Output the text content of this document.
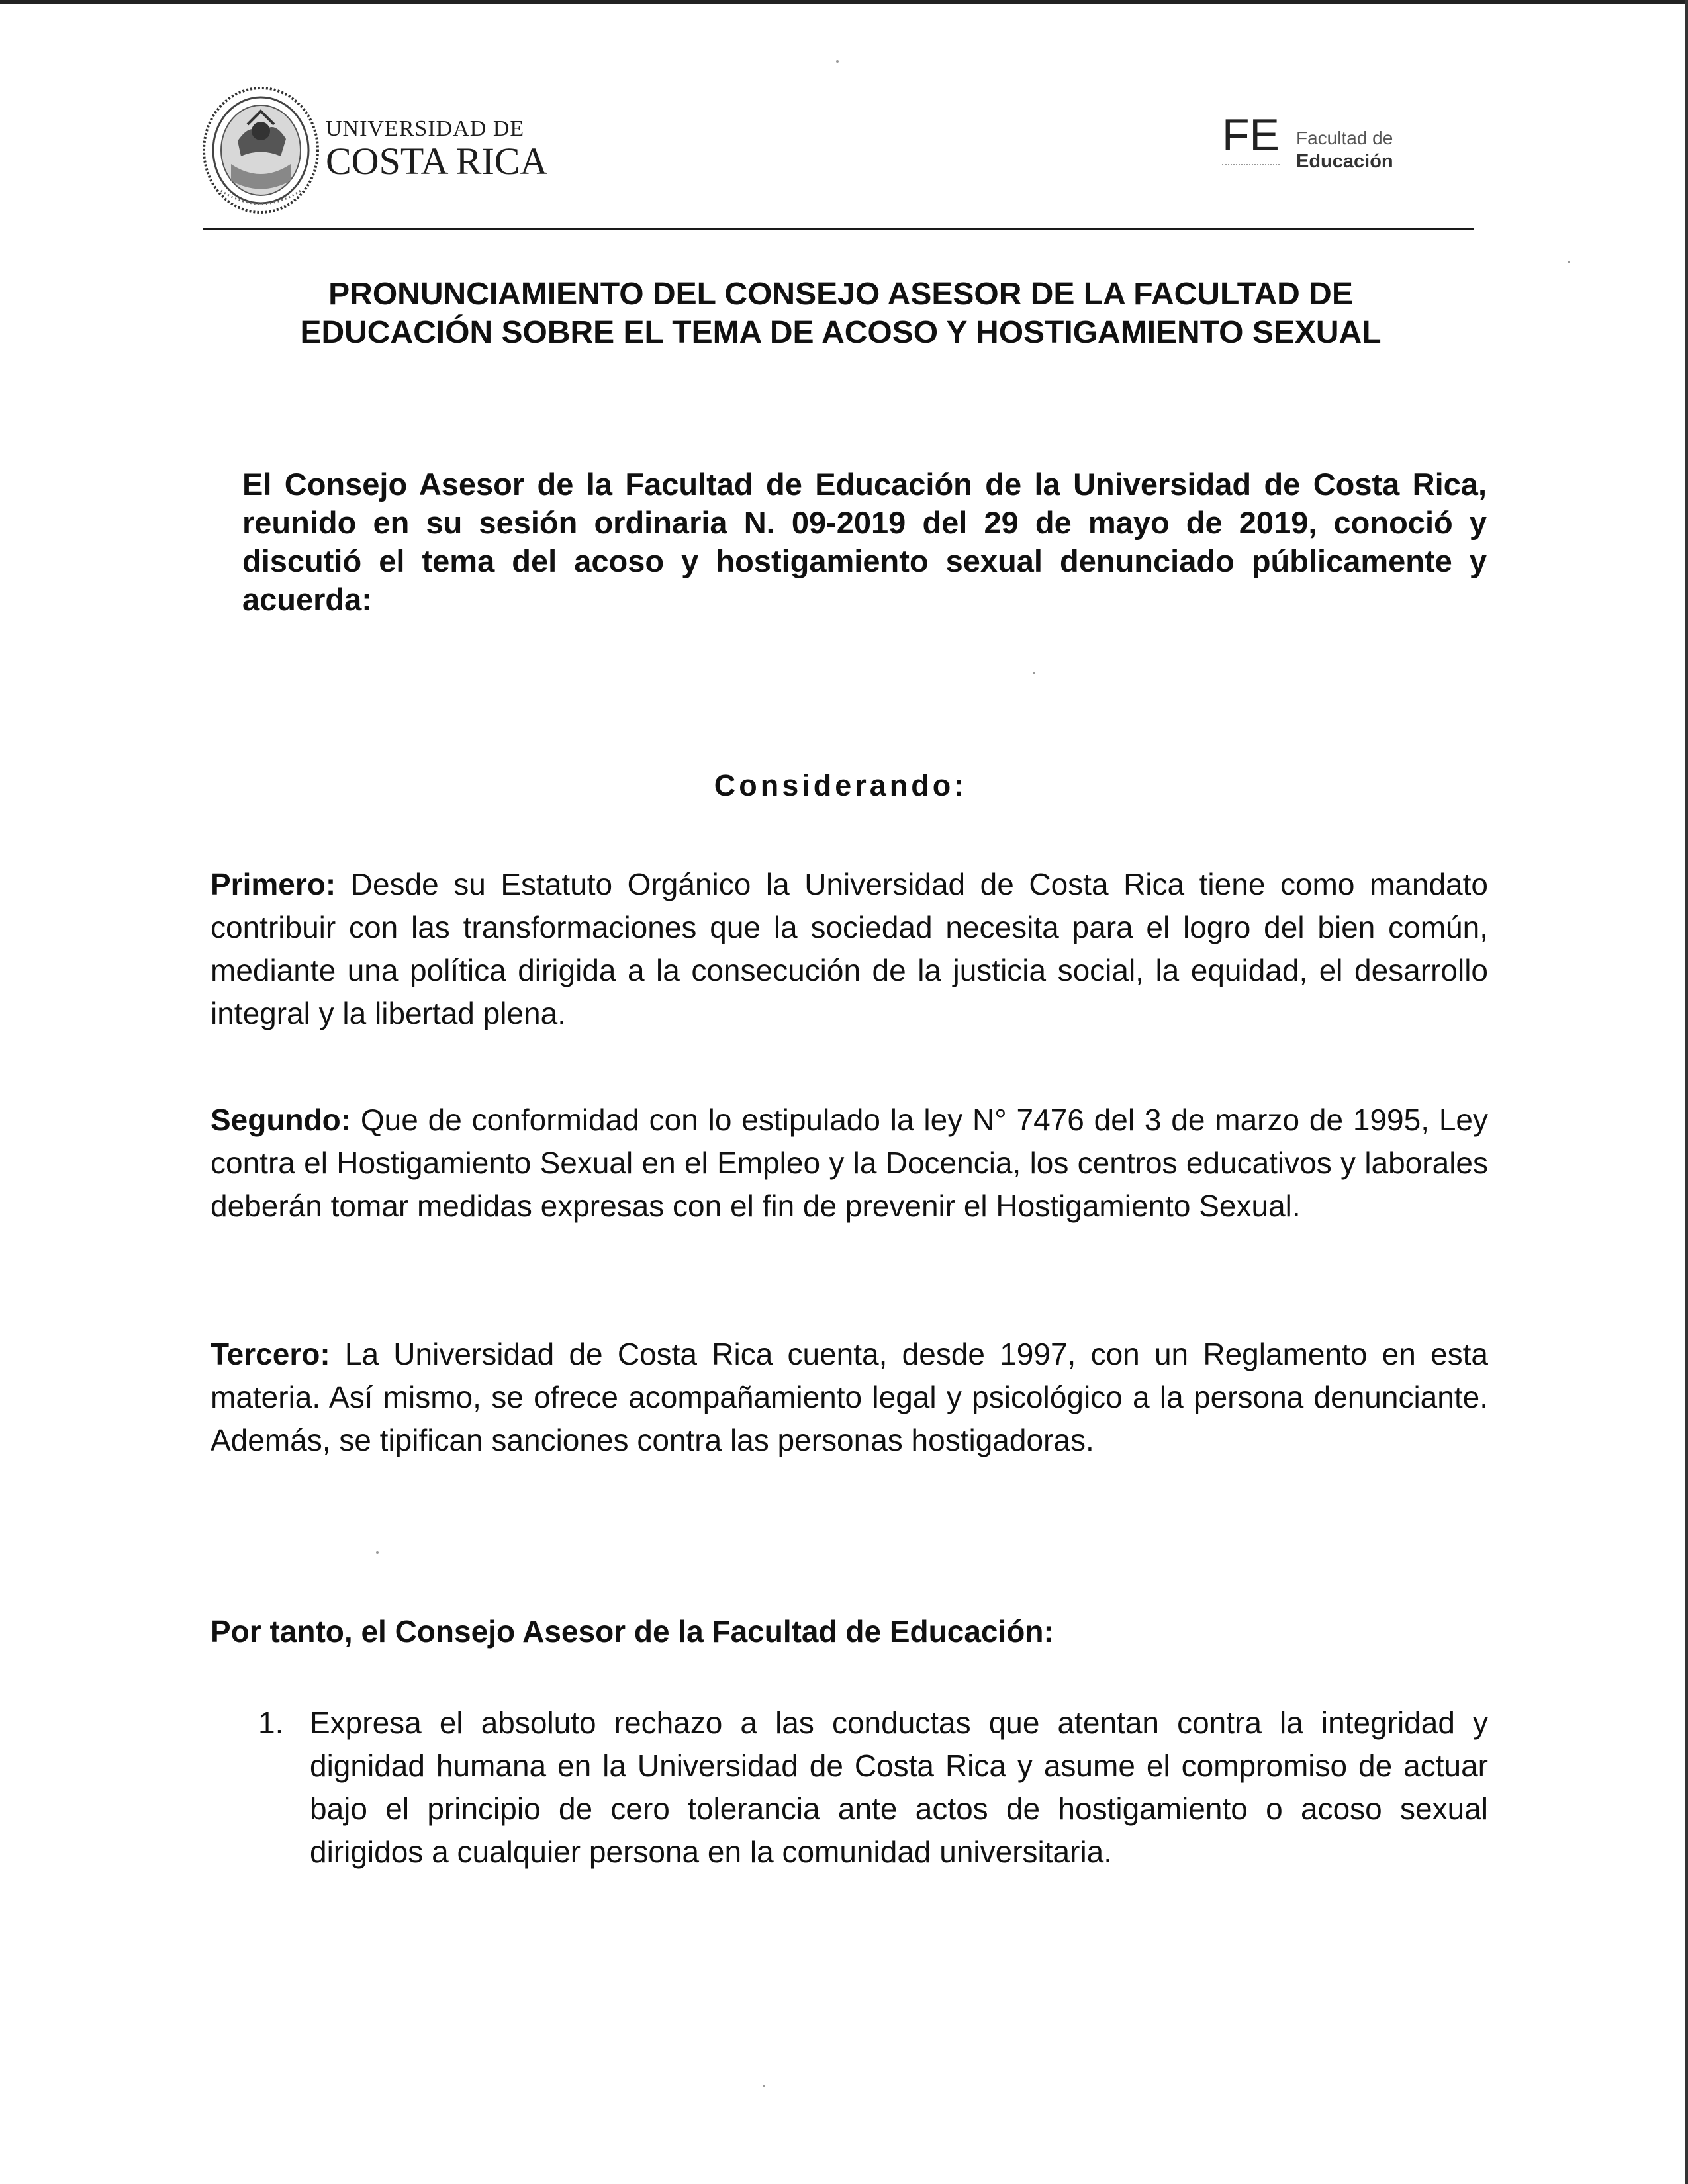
UNIVERSIDAD DE
COSTA RICA
FE Facultad de
Educación
PRONUNCIAMIENTO DEL CONSEJO ASESOR DE LA FACULTAD DE
EDUCACIÓN SOBRE EL TEMA DE ACOSO Y HOSTIGAMIENTO SEXUAL
El Consejo Asesor de la Facultad de Educación de la Universidad de Costa Rica, reunido en su sesión ordinaria N. 09-2019 del 29 de mayo de 2019, conoció y discutió el tema del acoso y hostigamiento sexual denunciado públicamente y acuerda:
Considerando:
Primero: Desde su Estatuto Orgánico la Universidad de Costa Rica tiene como mandato contribuir con las transformaciones que la sociedad necesita para el logro del bien común, mediante una política dirigida a la consecución de la justicia social, la equidad, el desarrollo integral y la libertad plena.
Segundo: Que de conformidad con lo estipulado la ley N° 7476 del 3 de marzo de 1995, Ley contra el Hostigamiento Sexual en el Empleo y la Docencia, los centros educativos y laborales deberán tomar medidas expresas con el fin de prevenir el Hostigamiento Sexual.
Tercero: La Universidad de Costa Rica cuenta, desde 1997, con un Reglamento en esta materia. Así mismo, se ofrece acompañamiento legal y psicológico a la persona denunciante. Además, se tipifican sanciones contra las personas hostigadoras.
Por tanto, el Consejo Asesor de la Facultad de Educación:
1. Expresa el absoluto rechazo a las conductas que atentan contra la integridad y dignidad humana en la Universidad de Costa Rica y asume el compromiso de actuar bajo el principio de cero tolerancia ante actos de hostigamiento o acoso sexual dirigidos a cualquier persona en la comunidad universitaria.
